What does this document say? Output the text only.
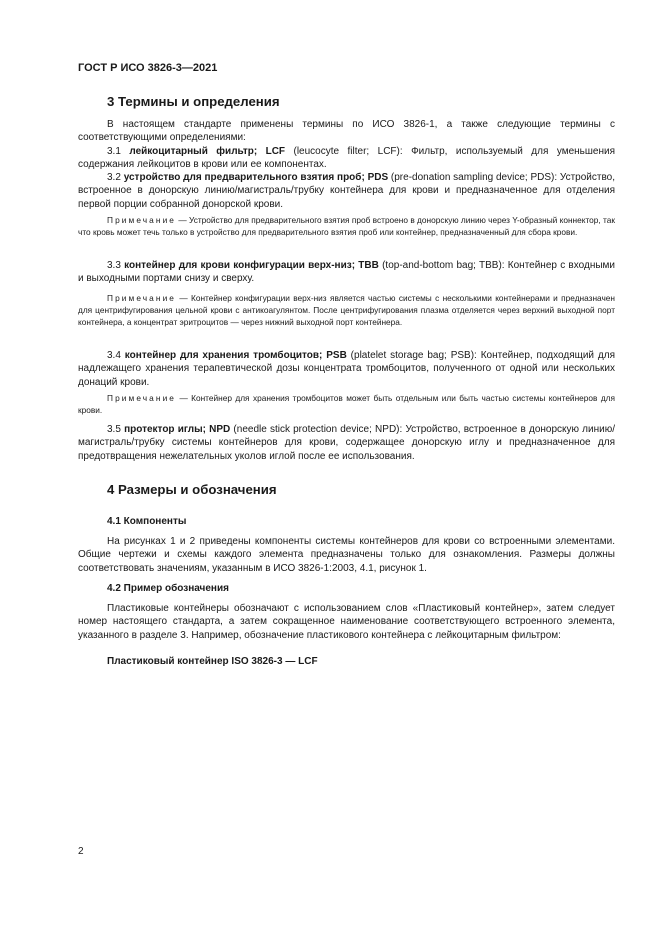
ГОСТ Р ИСО 3826-3—2021
3 Термины и определения

В настоящем стандарте применены термины по ИСО 3826-1, а также следующие термины с соответствующими определениями:

3.1 лейкоцитарный фильтр; LCF (leucocyte filter; LCF): Фильтр, используемый для уменьшения содержания лейкоцитов в крови или ее компонентах.

3.2 устройство для предварительного взятия проб; PDS (pre-donation sampling device; PDS): Устройство, встроенное в донорскую линию/магистраль/трубку контейнера для крови и предназначенное для отделения первой порции собранной донорской крови.

Примечание — Устройство для предварительного взятия проб встроено в донорскую линию через Y-образный коннектор, так что кровь может течь только в устройство для предварительного взятия проб или контейнер, предназначенный для сбора крови.

3.3 контейнер для крови конфигурации верх-низ; TBB (top-and-bottom bag; TBB): Контейнер с входными и выходными портами снизу и сверху.

Примечание — Контейнер конфигурации верх-низ является частью системы с несколькими контейнерами и предназначен для центрифугирования цельной крови с антикоагулянтом. После центрифугирования плазма отделяется через верхний выходной порт контейнера, а концентрат эритроцитов — через нижний выходной порт контейнера.

3.4 контейнер для хранения тромбоцитов; PSB (platelet storage bag; PSB): Контейнер, подходящий для надлежащего хранения терапевтической дозы концентрата тромбоцитов, полученного от одной или нескольких донаций крови.

Примечание — Контейнер для хранения тромбоцитов может быть отдельным или быть частью системы контейнеров для крови.

3.5 протектор иглы; NPD (needle stick protection device; NPD): Устройство, встроенное в донорскую линию/магистраль/трубку системы контейнеров для крови, содержащее донорскую иглу и предназначенное для предотвращения нежелательных уколов иглой после ее использования.

4 Размеры и обозначения
4.1 Компоненты

На рисунках 1 и 2 приведены компоненты системы контейнеров для крови со встроенными элементами. Общие чертежи и схемы каждого элемента предназначены только для ознакомления. Размеры должны соответствовать значениям, указанным в ИСО 3826-1:2003, 4.1, рисунок 1.

4.2 Пример обозначения

Пластиковые контейнеры обозначают с использованием слов «Пластиковый контейнер», затем следует номер настоящего стандарта, а затем сокращенное наименование соответствующего встроенного элемента, указанного в разделе 3. Например, обозначение пластикового контейнера с лейкоцитарным фильтром:

Пластиковый контейнер ISO 3826-3 — LCF
2
